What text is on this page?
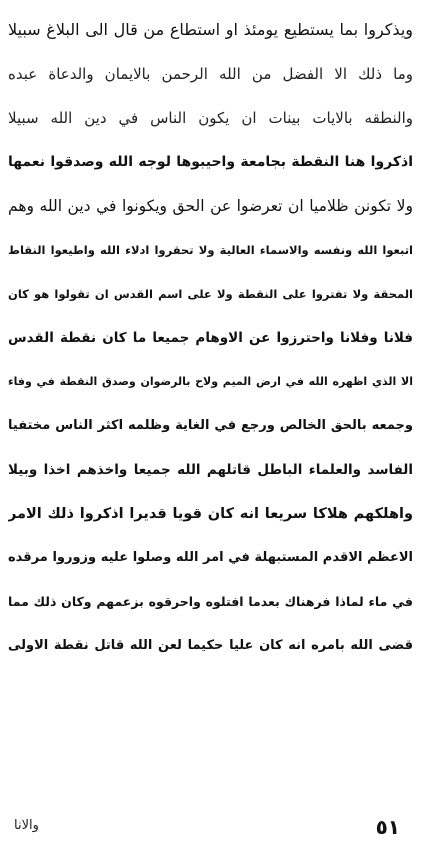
ويذكروا بما يستطيع يومئذ او استطاع من قال الى البلاغ سبيلا
وما ذلك الا الفضل من الله الرحمن بالايمان والدعاة عبده
والنطقه بالايات بينات ان يكون الناس في دين الله سبيلا
اذكروا هنا النقطة بجامعة واحيبوها لوجه الله وصدقوا نعمها
ولا تكونن ظلاميا ان تعرضوا عن الحق ويكونوا في دين الله وهم
اتبعوا الله ونفسه والاسماء العالية ولا تحقروا ادلاء الله واطيعوا النقاط
المحقة ولا تفتروا على النقطة ولا على اسم القدس ان تقولوا هو كان
فلانا وفلانا واحترزوا عن الاوهام جميعا ما كان نقطة القدس
الا الذي اظهره الله في ارض الميم ولاح بالرضوان وصدق النقطة في وفاء
وجمعه بالحق الخالص ورجع في الغاية وظلمه اكثر الناس مختفيا
الفاسد والعلماء الباطل قاتلهم الله جميعا واخذهم اخذا وبيلا
واهلكهم هلاكا سريعا انه كان قويا قديرا اذكروا ذلك الامر
الاعظم الاقدم المستبهلة في امر الله وصلوا عليه وزوروا مرقده
في ماء لماذا فرهناك بعدما افتلوه واحرقوه بزعمهم وكان ذلك مما
قضى الله بامره انه كان عليا حكيما لعن الله قاتل نقطة الاولى
والانا	٥١
